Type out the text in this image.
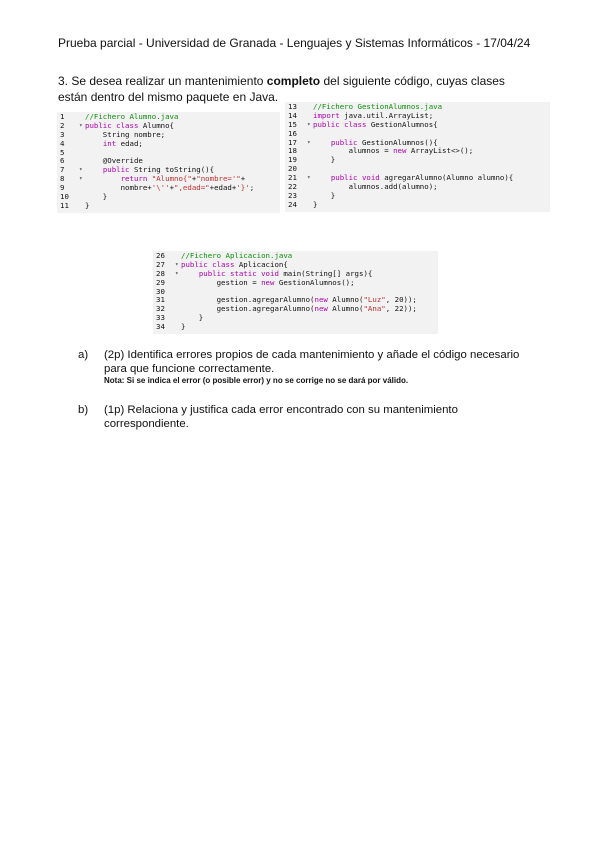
Prueba parcial - Universidad de Granada - Lenguajes y Sistemas Informáticos - 17/04/24
3. Se desea realizar un mantenimiento completo del siguiente código, cuyas clases están dentro del mismo paquete en Java.
1	//Fichero Alumno.java
2	▾ public class Alumno{
3	String nombre;
4	int edad;
5
6	@Override
7	▾	public String toString(){
8	▾	return "Alumno{"+"nombre='"+
9	nombre+'\''+",edad="+edad+'}';
10	}
11	}
13	//Fichero GestionAlumnos.java
14	import java.util.ArrayList;
15	▾ public class GestionAlumnos{
16
17	▾	public GestionAlumnos(){
18	alumnos = new ArrayList<>();
19	}
20
21	▾	public void agregarAlumno(Alumno alumno){
22	alumnos.add(alumno);
23	}
24	}
26	//Fichero Aplicacion.java
27	▾ public class Aplicacion{
28	▾	public static void main(String[] args){
29	gestion = new GestionAlumnos();
30
31	gestion.agregarAlumno(new Alumno("Luz", 20));
32	gestion.agregarAlumno(new Alumno("Ana", 22));
33	}
34	}
a) (2p) Identifica errores propios de cada mantenimiento y añade el código necesario para que funcione correctamente.
Nota: Si se indica el error (o posible error) y no se corrige no se dará por válido.
b) (1p) Relaciona y justifica cada error encontrado con su mantenimiento correspondiente.
